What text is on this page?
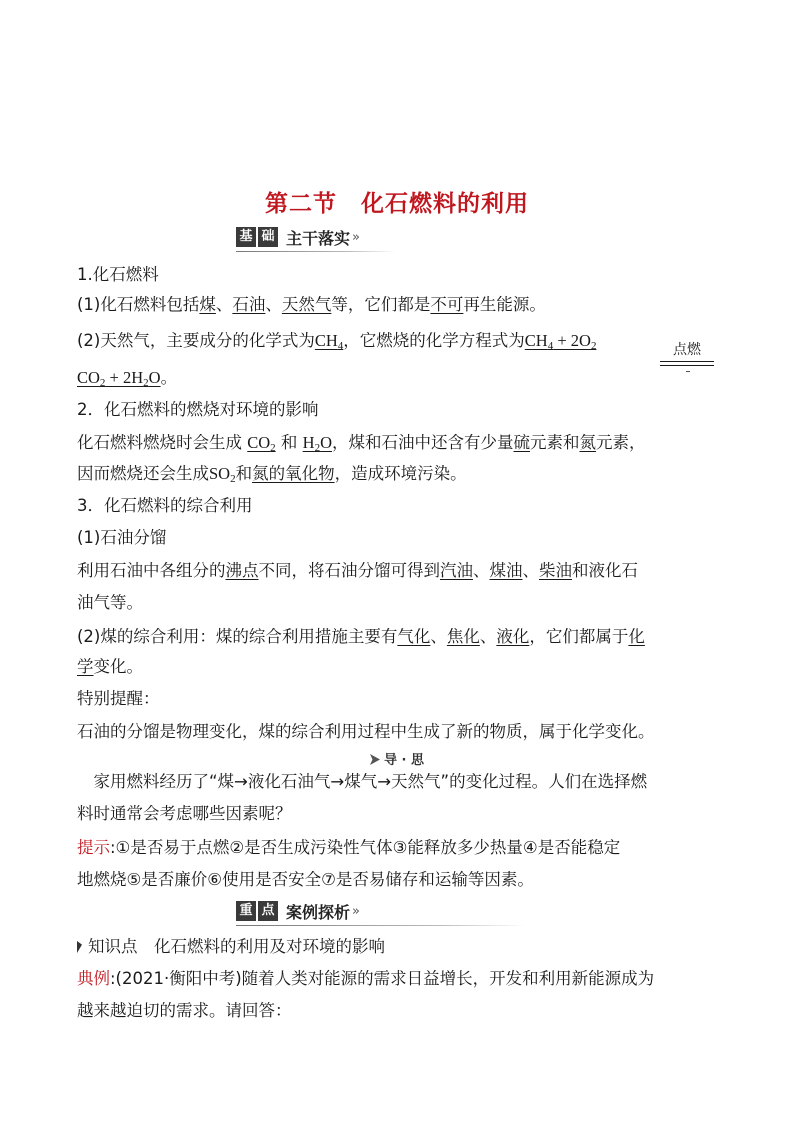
第二节　化石燃料的利用
基 础 主干落实 »
1.化石燃料
(1)化石燃料包括煤、石油、天然气等，它们都是不可再生能源。
(2)天然气，主要成分的化学式为$CH_4$，它燃烧的化学方程式为$CH_4 + 2O_2$	点燃
$CO_2 + 2H_2O$。
2．化石燃料的燃烧对环境的影响
化石燃料燃烧时会生成 $CO_2$ 和 $H_2O$，煤和石油中还含有少量硫元素和氮元素，
因而燃烧还会生成$SO_2$和氮的氧化物，造成环境污染。
3．化石燃料的综合利用
(1)石油分馏
利用石油中各组分的沸点不同，将石油分馏可得到汽油、煤油、柴油和液化石
油气等。
(2)煤的综合利用：煤的综合利用措施主要有气化、焦化、液化，它们都属于化
学变化。
特别提醒：
石油的分馏是物理变化，煤的综合利用过程中生成了新的物质，属于化学变化。
导 · 思
　家用燃料经历了“煤→液化石油气→煤气→天然气”的变化过程。人们在选择燃
料时通常会考虑哪些因素呢？
提示:①是否易于点燃②是否生成污染性气体③能释放多少热量④是否能稳定
地燃烧⑤是否廉价⑥使用是否安全⑦是否易储存和运输等因素。
重 点 案例探析 »
知识点　化石燃料的利用及对环境的影响
典例:(2021·衡阳中考)随着人类对能源的需求日益增长，开发和利用新能源成为
越来越迫切的需求。请回答：
